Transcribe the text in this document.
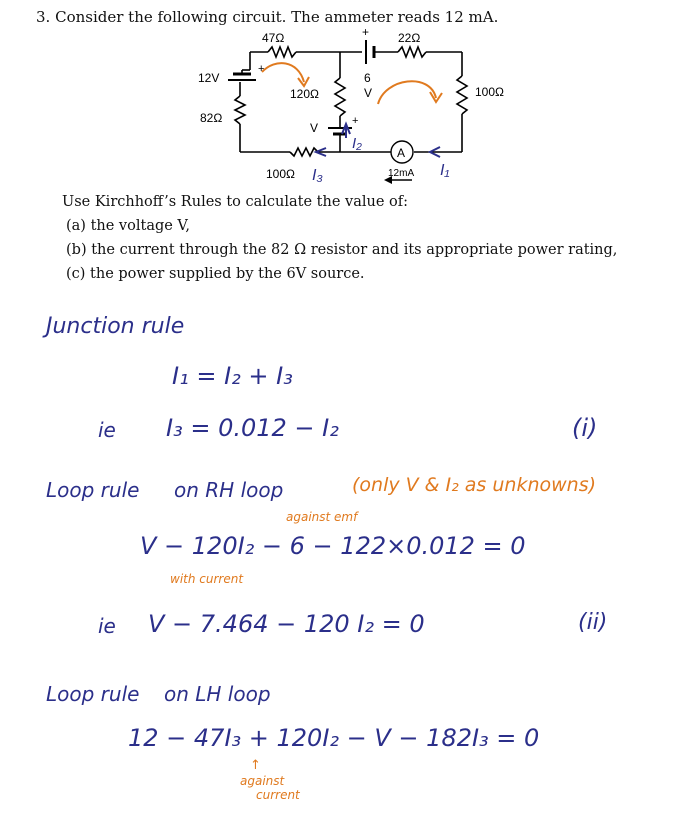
3. Consider the following circuit. The ammeter reads 12 mA.
47Ω	+ 22Ω
12V
+
120Ω
6
V	100Ω
82Ω
V	+
A
12mA
100Ω I₃
I₂
I₁
Use Kirchhoff’s Rules to calculate the value of:
(a) the voltage V,
(b) the current through the 82 Ω resistor and its appropriate power rating,
(c) the power supplied by the 6V source.
Junction rule
I₁ = I₂ + I₃
ie I₃ = 0.012 − I₂	(i)
Loop rule on RH loop	(only V & I₂ as unknowns)
against emf
V − 120I₂ − 6 − 122×0.012 = 0
with current
ie V − 7.464 − 120 I₂ = 0	(ii)
Loop rule on LH loop
12 − 47I₃ + 120I₂ − V − 182I₃ = 0
↑
against
current
